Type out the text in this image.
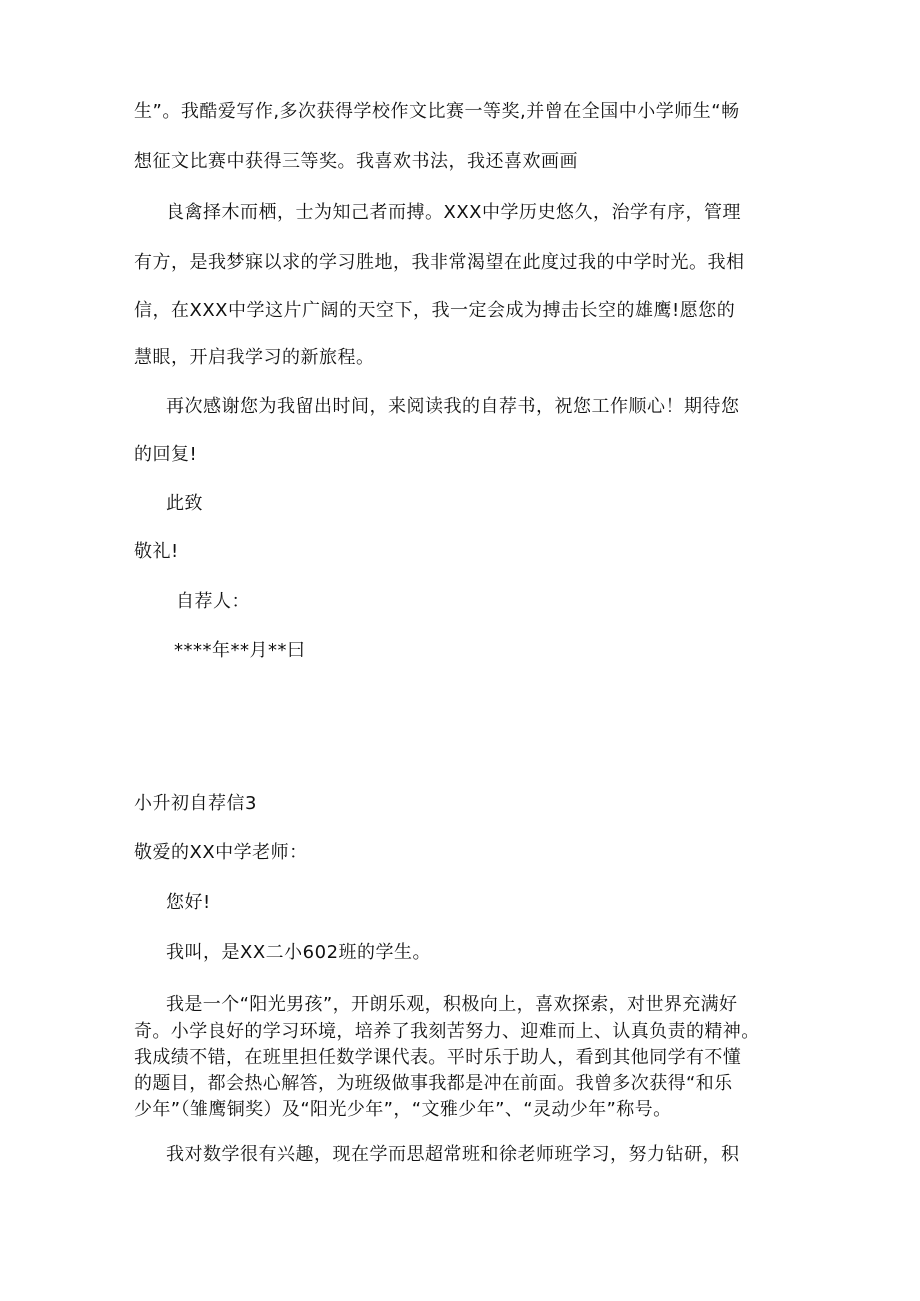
生”。我酷爱写作,多次获得学校作文比赛一等奖,并曾在全国中小学师生“畅
想征文比赛中获得三等奖。我喜欢书法，我还喜欢画画
良禽择木而栖，士为知己者而搏。XXX中学历史悠久，治学有序，管理
有方，是我梦寐以求的学习胜地，我非常渴望在此度过我的中学时光。我相
信，在XXX中学这片广阔的天空下，我一定会成为搏击长空的雄鹰!愿您的
慧眼，开启我学习的新旅程。
再次感谢您为我留出时间，来阅读我的自荐书，祝您工作顺心！期待您
的回复!
此致
敬礼!
自荐人：
****年**月**曰
小升初自荐信3
敬爱的XX中学老师：
您好!
我叫，是XX二小602班的学生。
我是一个“阳光男孩”，开朗乐观，积极向上，喜欢探索，对世界充满好
奇。小学良好的学习环境，培养了我刻苦努力、迎难而上、认真负责的精神。
我成绩不错，在班里担任数学课代表。平时乐于助人，看到其他同学有不懂
的题目，都会热心解答，为班级做事我都是冲在前面。我曾多次获得“和乐
少年”（雏鹰铜奖）及“阳光少年”，“文雅少年”、“灵动少年”称号。
我对数学很有兴趣，现在学而思超常班和徐老师班学习，努力钻研，积
